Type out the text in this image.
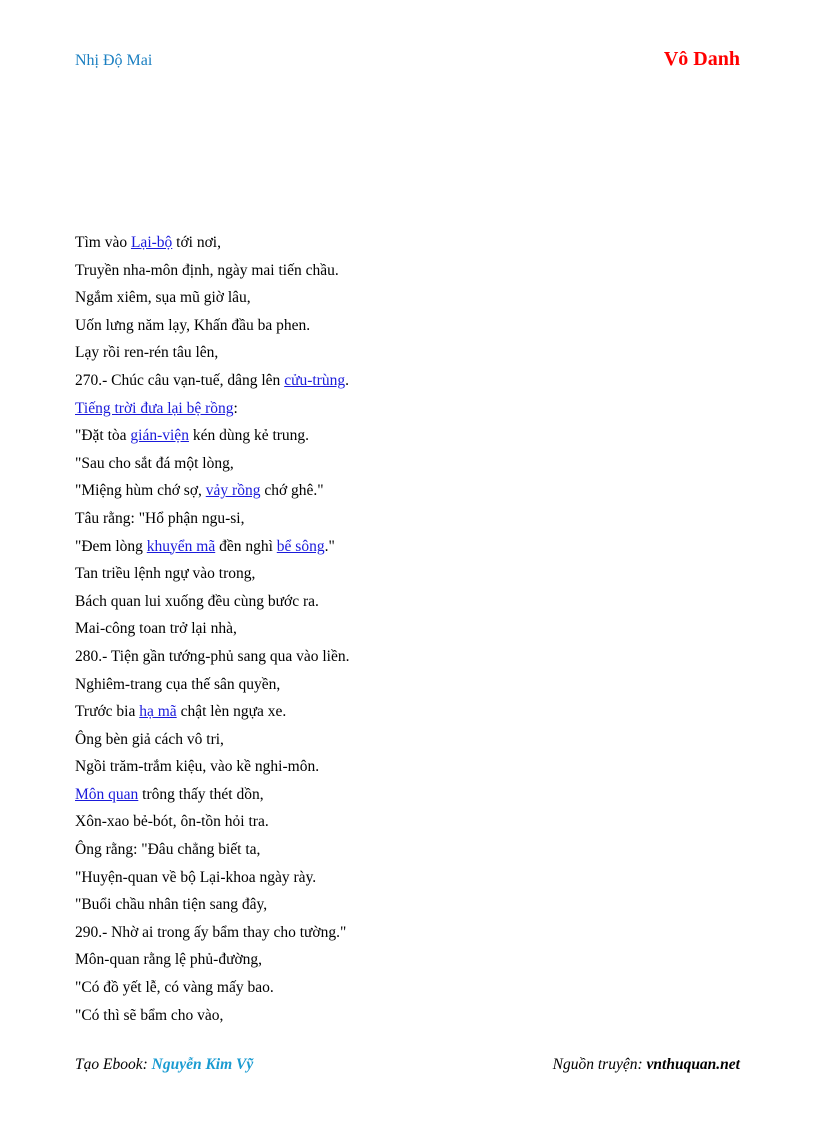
Nhị Độ Mai	Vô Danh
Tìm vào Lại-bộ tới nơi,
Truyền nha-môn định, ngày mai tiến chầu.
Ngắm xiêm, sụa mũ giờ lâu,
Uốn lưng năm lạy, Khấn đầu ba phen.
Lạy rồi ren-rén tâu lên,
270.- Chúc câu vạn-tuế, dâng lên cửu-trùng.
Tiếng trời đưa lại bệ rồng:
"Đặt tòa gián-viện kén dùng kẻ trung.
"Sau cho sắt đá một lòng,
"Miệng hùm chớ sợ, vảy rồng chớ ghê."
Tâu rằng: "Hổ phận ngu-si,
"Đem lòng khuyển mã đền nghì bể sông."
Tan triều lệnh ngự vào trong,
Bách quan lui xuống đều cùng bước ra.
Mai-công toan trở lại nhà,
280.- Tiện gần tướng-phủ sang qua vào liền.
Nghiêm-trang cụa thế sân quyền,
Trước bia hạ mã chật lèn ngựa xe.
Ông bèn giả cách vô tri,
Ngồi trăm-trắm kiệu, vào kề nghi-môn.
Môn quan trông thấy thét dồn,
Xôn-xao bẻ-bót, ôn-tồn hỏi tra.
Ông rằng: "Đâu chẳng biết ta,
"Huyện-quan về bộ Lại-khoa ngày rày.
"Buổi chầu nhân tiện sang đây,
290.- Nhờ ai trong ấy bẩm thay cho tường."
Môn-quan rằng lệ phủ-đường,
"Có đồ yết lễ, có vàng mấy bao.
"Có thì sẽ bẩm cho vào,
Tạo Ebook: Nguyễn Kim Vỹ	Nguồn truyện: vnthuquan.net
